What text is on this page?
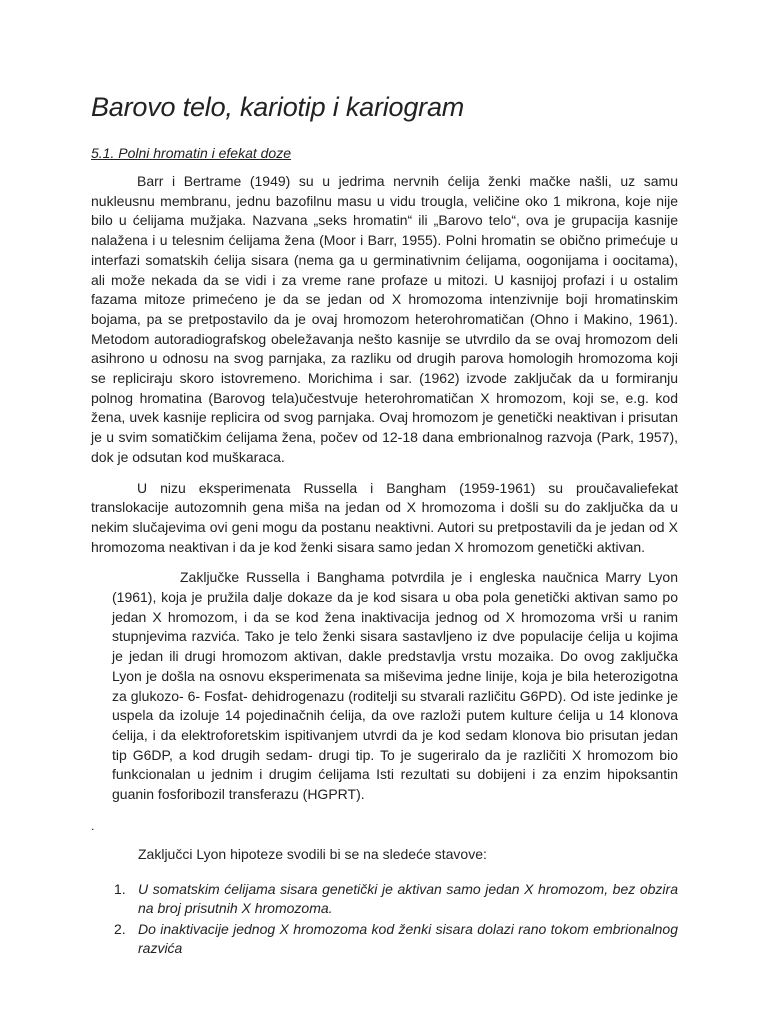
Barovo telo, kariotip i kariogram
5.1. Polni hromatin i efekat doze

Barr i Bertrame (1949) su u jedrima nervnih ćelija ženki mačke našli, uz samu nukleusnu membranu, jednu bazofilnu masu u vidu trougla, veličine oko 1 mikrona, koje nije bilo u ćelijama mužjaka. Nazvana „seks hromatin“ ili „Barovo telo“, ova je grupacija kasnije nalažena i u telesnim ćelijama žena (Moor i Barr, 1955). Polni hromatin se obično primećuje u interfazi somatskih ćelija sisara (nema ga u germinativnim ćelijama, oogonijama i oocitama), ali može nekada da se vidi i za vreme rane profaze u mitozi. U kasnijoj profazi i u ostalim fazama mitoze primećeno je da se jedan od X hromozoma intenzivnije boji hromatinskim bojama, pa se pretpostavilo da je ovaj hromozom heterohromatičan (Ohno i Makino, 1961). Metodom autoradiografskog obeležavanja nešto kasnije se utvrdilo da se ovaj hromozom deli asihrono u odnosu na svog parnjaka, za razliku od drugih parova homologih hromozoma koji se repliciraju skoro istovremeno. Morichima i sar. (1962) izvode zaključak da u formiranju polnog hromatina (Barovog tela)učestvuje heterohromatičan X hromozom, koji se, e.g. kod žena, uvek kasnije replicira od svog parnjaka. Ovaj hromozom je genetički neaktivan i prisutan je u svim somatičkim ćelijama žena, počev od 12-18 dana embrionalnog razvoja (Park, 1957), dok je odsutan kod muškaraca.

U nizu eksperimenata Russella i Bangham (1959-1961) su proučavaliefekat translokacije autozomnih gena miša na jedan od X hromozoma i došli su do zaključka da u nekim slučajevima ovi geni mogu da postanu neaktivni. Autori su pretpostavili da je jedan od X hromozoma neaktivan i da je kod ženki sisara samo jedan X hromozom genetički aktivan.

Zaključke Russella i Banghama potvrdila je i engleska naučnica Marry Lyon (1961), koja je pružila dalje dokaze da je kod sisara u oba pola genetički aktivan samo po jedan X hromozom, i da se kod žena inaktivacija jednog od X hromozoma vrši u ranim stupnjevima razvića. Tako je telo ženki sisara sastavljeno iz dve populacije ćelija u kojima je jedan ili drugi hromozom aktivan, dakle predstavlja vrstu mozaika. Do ovog zaključka Lyon je došla na osnovu eksperimenata sa miševima jedne linije, koja je bila heterozigotna za glukozo- 6- Fosfat- dehidrogenazu (roditelji su stvarali različitu G6PD). Od iste jedinke je uspela da izoluje 14 pojedinačnih ćelija, da ove razloži putem kulture ćelija u 14 klonova ćelija, i da elektroforetskim ispitivanjem utvrdi da je kod sedam klonova bio prisutan jedan tip G6DP, a kod drugih sedam- drugi tip. To je sugeriralo da je različiti X hromozom bio funkcionalan u jednim i drugim ćelijama Isti rezultati su dobijeni i za enzim hipoksantin guanin fosforibozil transferazu (HGPRT).

.
Zaključci Lyon hipoteze svodili bi se na sledeće stavove:
1. U somatskim ćelijama sisara genetički je aktivan samo jedan X hromozom, bez obzira na broj prisutnih X hromozoma.
2. Do inaktivacije jednog X hromozoma kod ženki sisara dolazi rano tokom embrionalnog razvića
